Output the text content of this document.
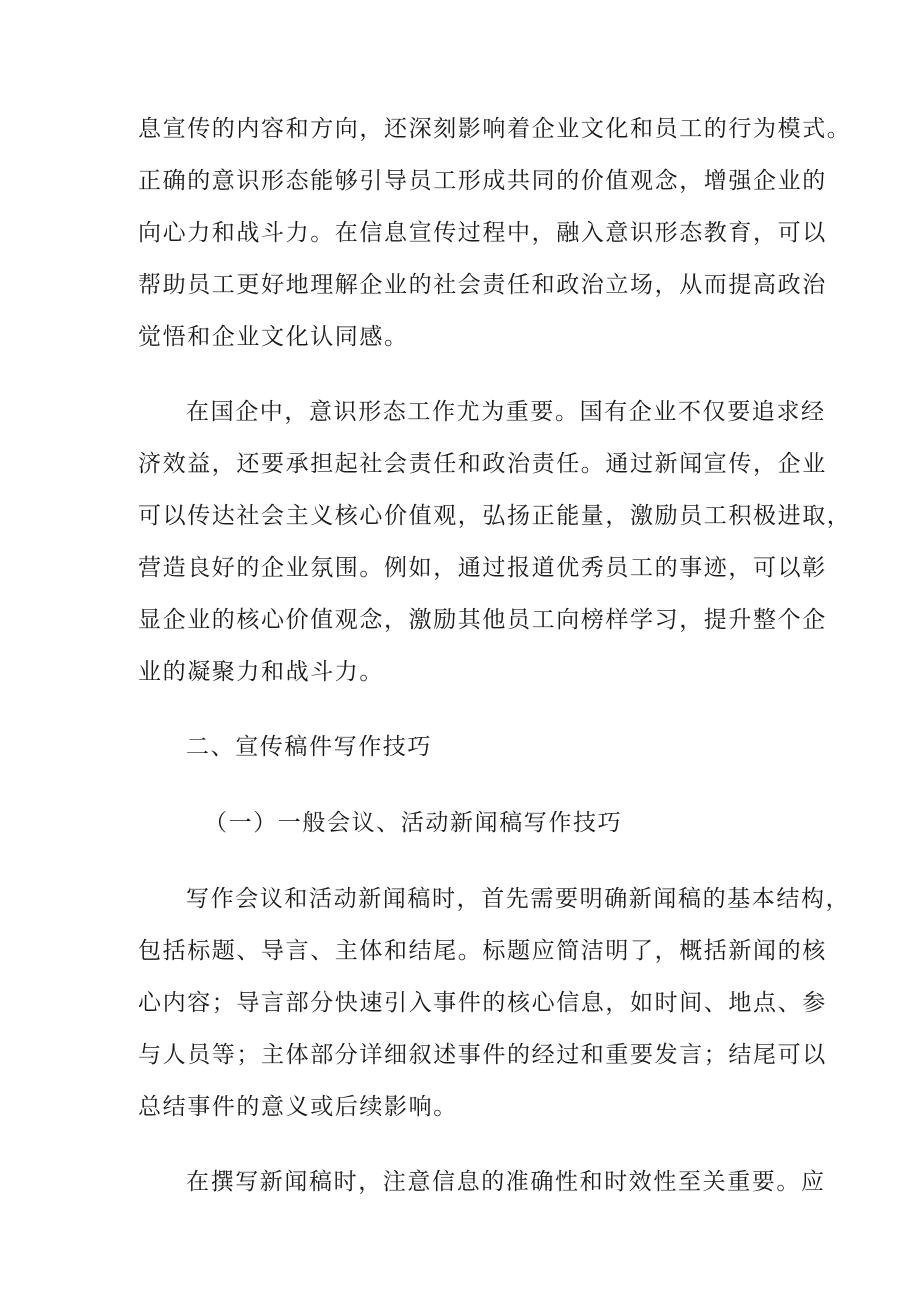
息宣传的内容和方向，还深刻影响着企业文化和员工的行为模式。
正确的意识形态能够引导员工形成共同的价值观念，增强企业的
向心力和战斗力。在信息宣传过程中，融入意识形态教育，可以
帮助员工更好地理解企业的社会责任和政治立场，从而提高政治
觉悟和企业文化认同感。
在国企中，意识形态工作尤为重要。国有企业不仅要追求经
济效益，还要承担起社会责任和政治责任。通过新闻宣传，企业
可以传达社会主义核心价值观，弘扬正能量，激励员工积极进取，
营造良好的企业氛围。例如，通过报道优秀员工的事迹，可以彰
显企业的核心价值观念，激励其他员工向榜样学习，提升整个企
业的凝聚力和战斗力。
二、宣传稿件写作技巧
（一）一般会议、活动新闻稿写作技巧
写作会议和活动新闻稿时，首先需要明确新闻稿的基本结构，
包括标题、导言、主体和结尾。标题应简洁明了，概括新闻的核
心内容；导言部分快速引入事件的核心信息，如时间、地点、参
与人员等；主体部分详细叙述事件的经过和重要发言；结尾可以
总结事件的意义或后续影响。
在撰写新闻稿时，注意信息的准确性和时效性至关重要。应
